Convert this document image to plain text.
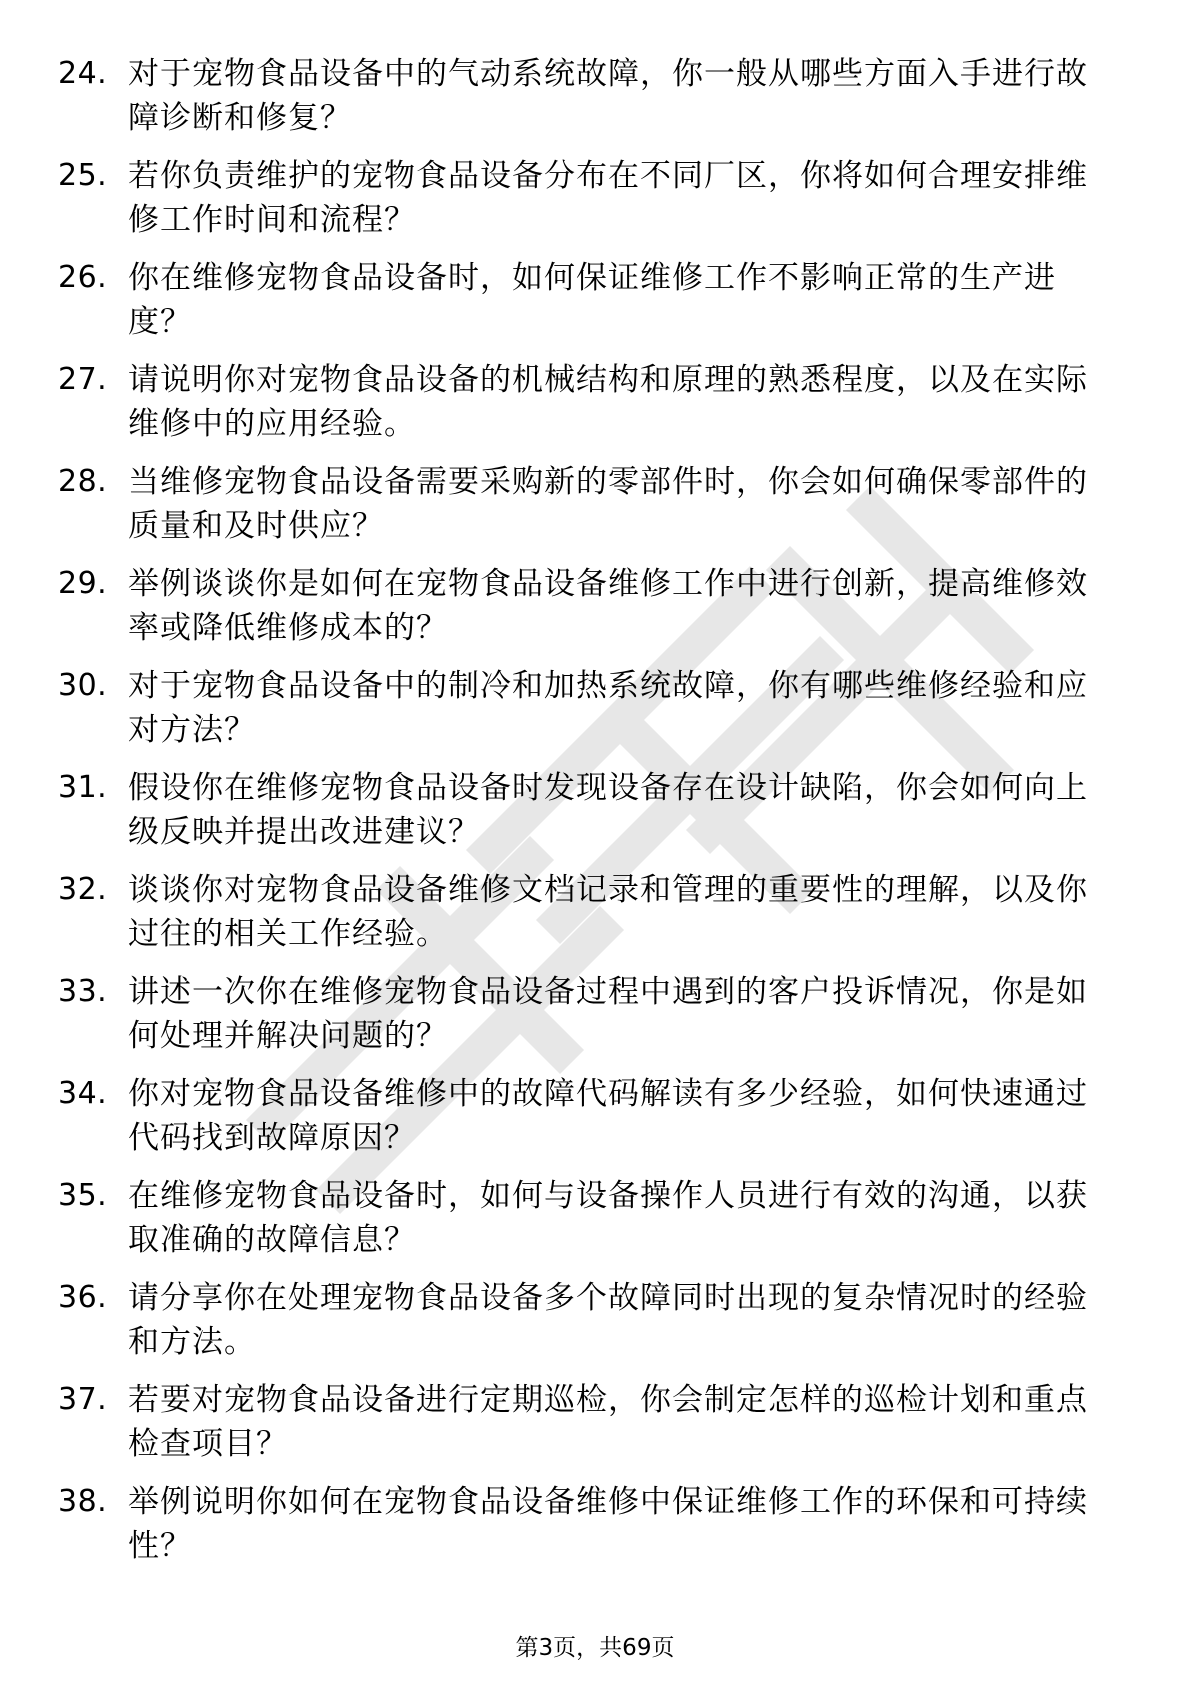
24. 对于宠物食品设备中的气动系统故障，你一般从哪些方面入手进行故障诊断和修复？
25. 若你负责维护的宠物食品设备分布在不同厂区，你将如何合理安排维修工作时间和流程？
26. 你在维修宠物食品设备时，如何保证维修工作不影响正常的生产进度？
27. 请说明你对宠物食品设备的机械结构和原理的熟悉程度，以及在实际维修中的应用经验。
28. 当维修宠物食品设备需要采购新的零部件时，你会如何确保零部件的质量和及时供应？
29. 举例谈谈你是如何在宠物食品设备维修工作中进行创新，提高维修效率或降低维修成本的？
30. 对于宠物食品设备中的制冷和加热系统故障，你有哪些维修经验和应对方法？
31. 假设你在维修宠物食品设备时发现设备存在设计缺陷，你会如何向上级反映并提出改进建议？
32. 谈谈你对宠物食品设备维修文档记录和管理的重要性的理解，以及你过往的相关工作经验。
33. 讲述一次你在维修宠物食品设备过程中遇到的客户投诉情况，你是如何处理并解决问题的？
34. 你对宠物食品设备维修中的故障代码解读有多少经验，如何快速通过代码找到故障原因？
35. 在维修宠物食品设备时，如何与设备操作人员进行有效的沟通，以获取准确的故障信息？
36. 请分享你在处理宠物食品设备多个故障同时出现的复杂情况时的经验和方法。
37. 若要对宠物食品设备进行定期巡检，你会制定怎样的巡检计划和重点检查项目？
38. 举例说明你如何在宠物食品设备维修中保证维修工作的环保和可持续性？
第3页，共69页
